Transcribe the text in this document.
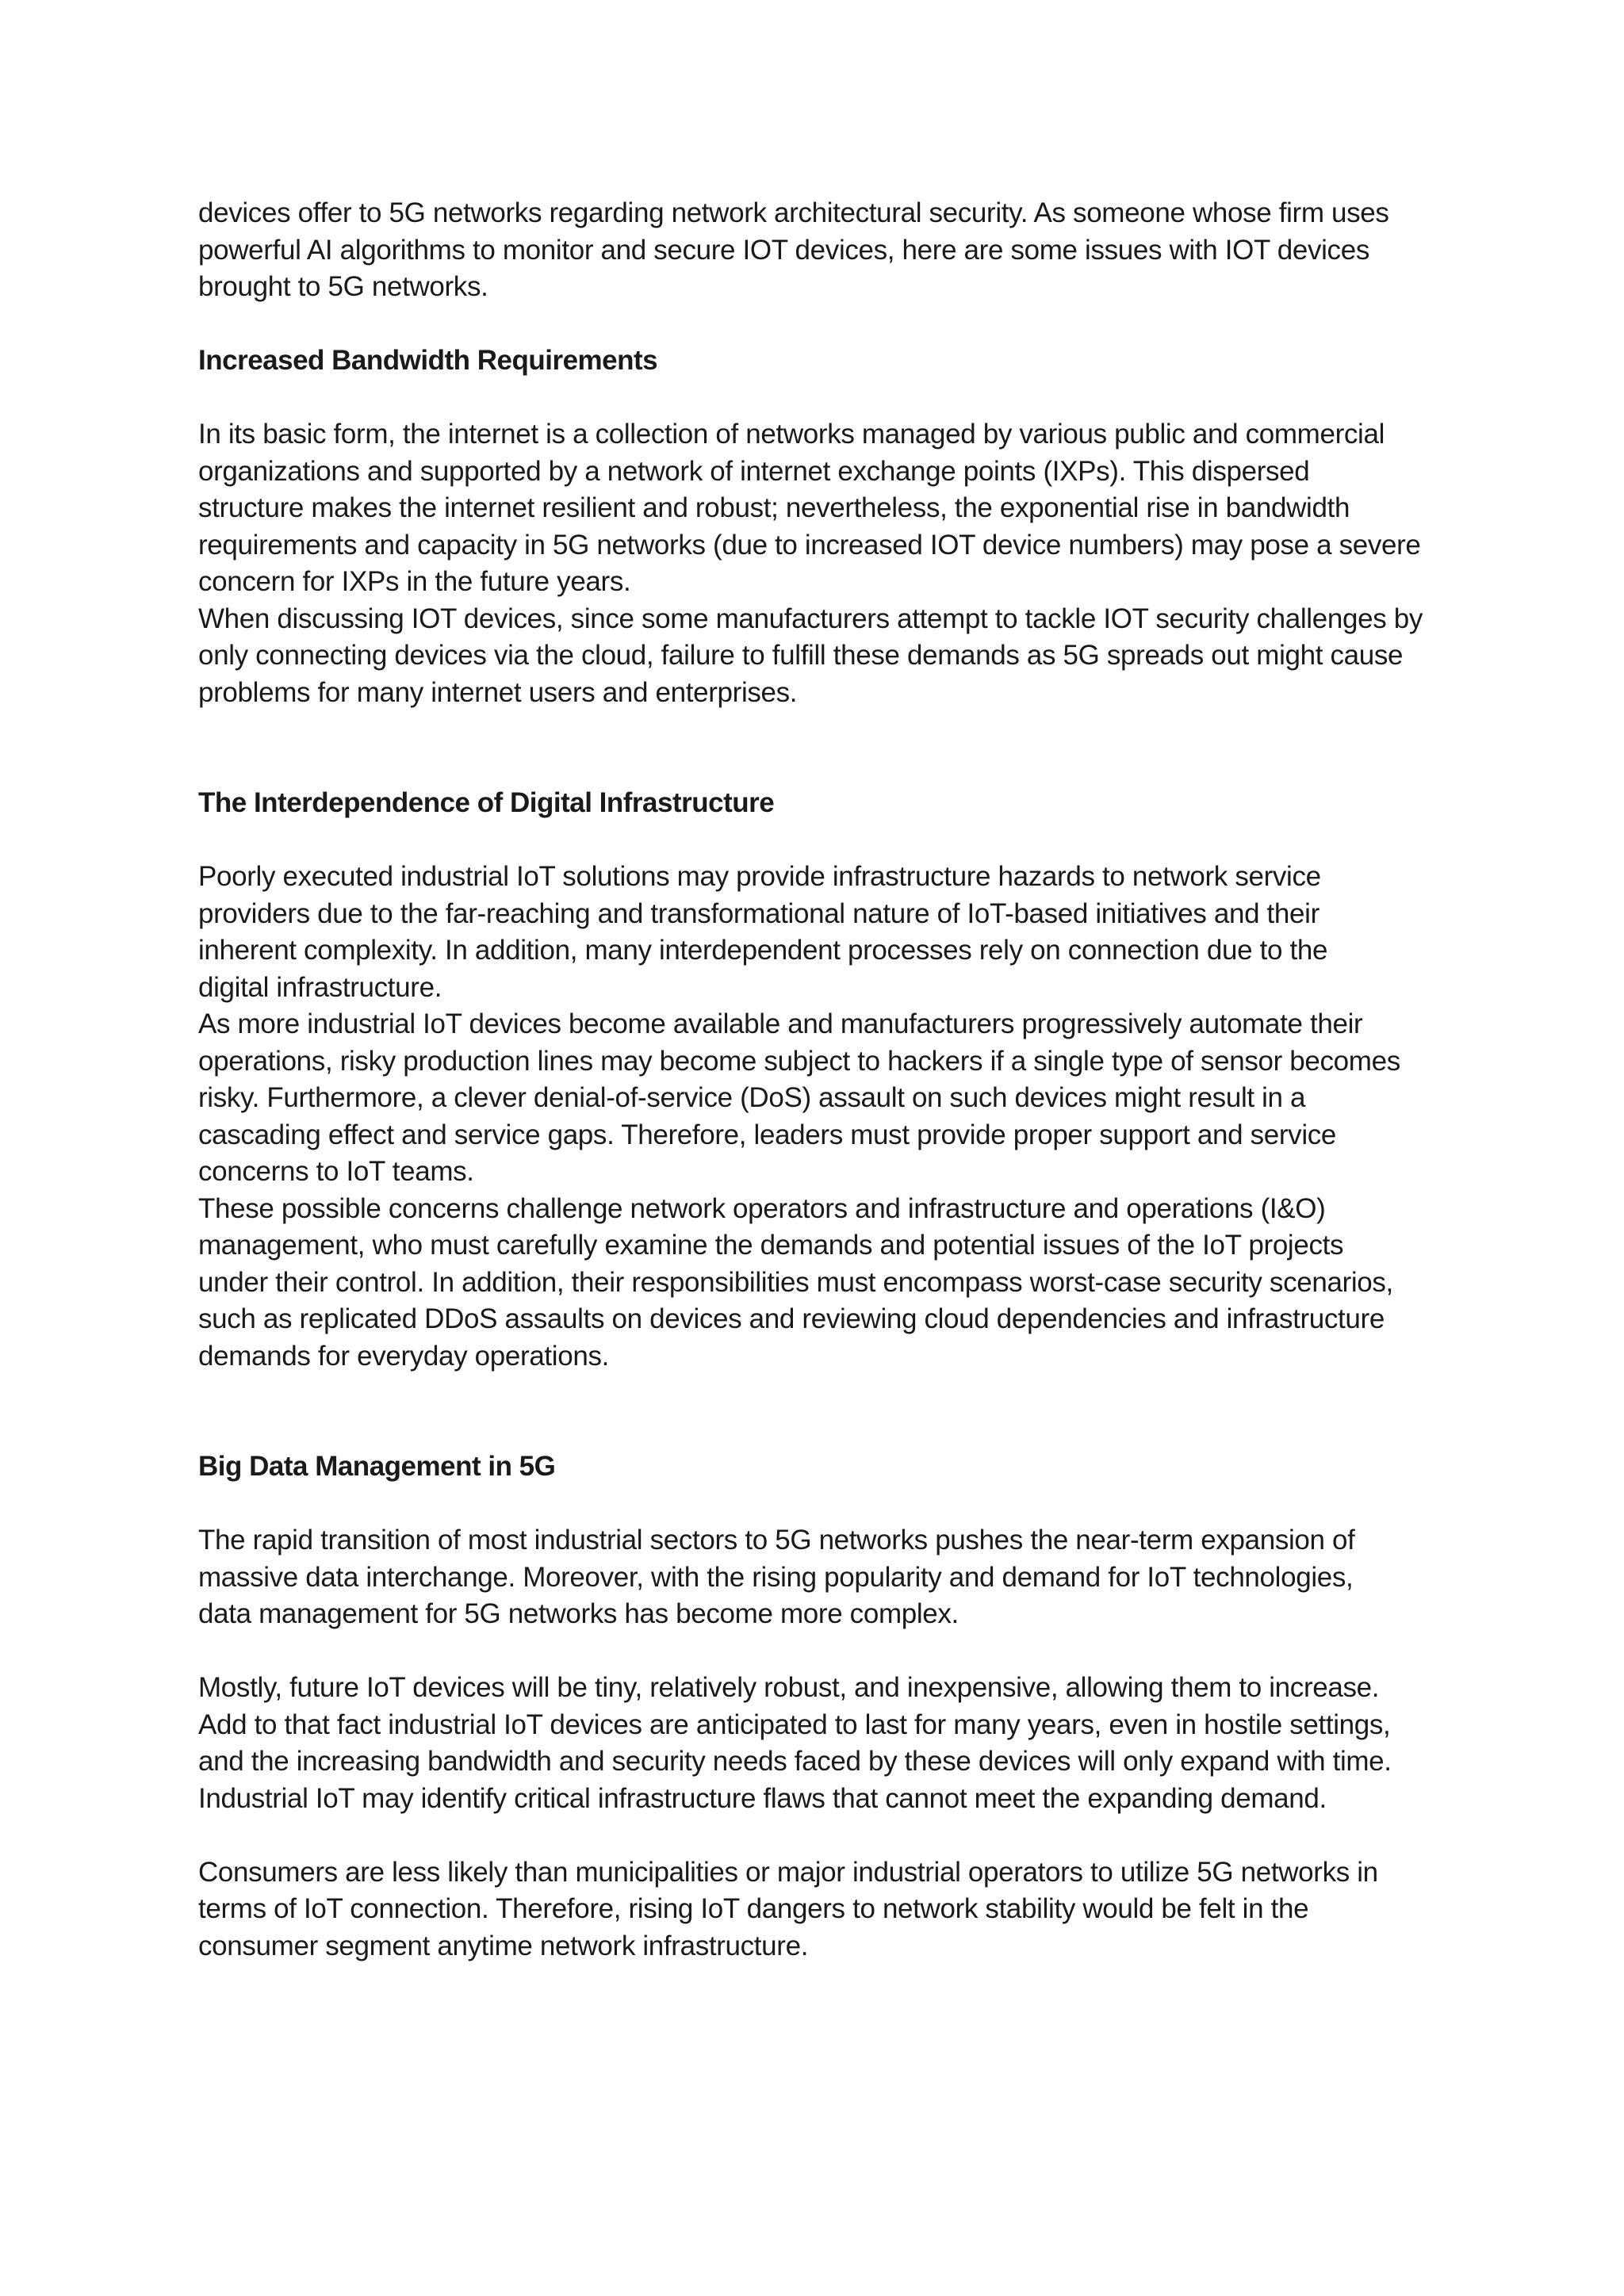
devices offer to 5G networks regarding network architectural security. As someone whose firm uses
powerful AI algorithms to monitor and secure IOT devices, here are some issues with IOT devices
brought to 5G networks.

Increased Bandwidth Requirements

In its basic form, the internet is a collection of networks managed by various public and commercial
organizations and supported by a network of internet exchange points (IXPs). This dispersed
structure makes the internet resilient and robust; nevertheless, the exponential rise in bandwidth
requirements and capacity in 5G networks (due to increased IOT device numbers) may pose a severe
concern for IXPs in the future years.
When discussing IOT devices, since some manufacturers attempt to tackle IOT security challenges by
only connecting devices via the cloud, failure to fulfill these demands as 5G spreads out might cause
problems for many internet users and enterprises.

The Interdependence of Digital Infrastructure

Poorly executed industrial IoT solutions may provide infrastructure hazards to network service
providers due to the far-reaching and transformational nature of IoT-based initiatives and their
inherent complexity. In addition, many interdependent processes rely on connection due to the
digital infrastructure.
As more industrial IoT devices become available and manufacturers progressively automate their
operations, risky production lines may become subject to hackers if a single type of sensor becomes
risky. Furthermore, a clever denial-of-service (DoS) assault on such devices might result in a
cascading effect and service gaps. Therefore, leaders must provide proper support and service
concerns to IoT teams.
These possible concerns challenge network operators and infrastructure and operations (I&O)
management, who must carefully examine the demands and potential issues of the IoT projects
under their control. In addition, their responsibilities must encompass worst-case security scenarios,
such as replicated DDoS assaults on devices and reviewing cloud dependencies and infrastructure
demands for everyday operations.

Big Data Management in 5G

The rapid transition of most industrial sectors to 5G networks pushes the near-term expansion of
massive data interchange. Moreover, with the rising popularity and demand for IoT technologies,
data management for 5G networks has become more complex.

Mostly, future IoT devices will be tiny, relatively robust, and inexpensive, allowing them to increase.
Add to that fact industrial IoT devices are anticipated to last for many years, even in hostile settings,
and the increasing bandwidth and security needs faced by these devices will only expand with time.
Industrial IoT may identify critical infrastructure flaws that cannot meet the expanding demand.

Consumers are less likely than municipalities or major industrial operators to utilize 5G networks in
terms of IoT connection. Therefore, rising IoT dangers to network stability would be felt in the
consumer segment anytime network infrastructure.
